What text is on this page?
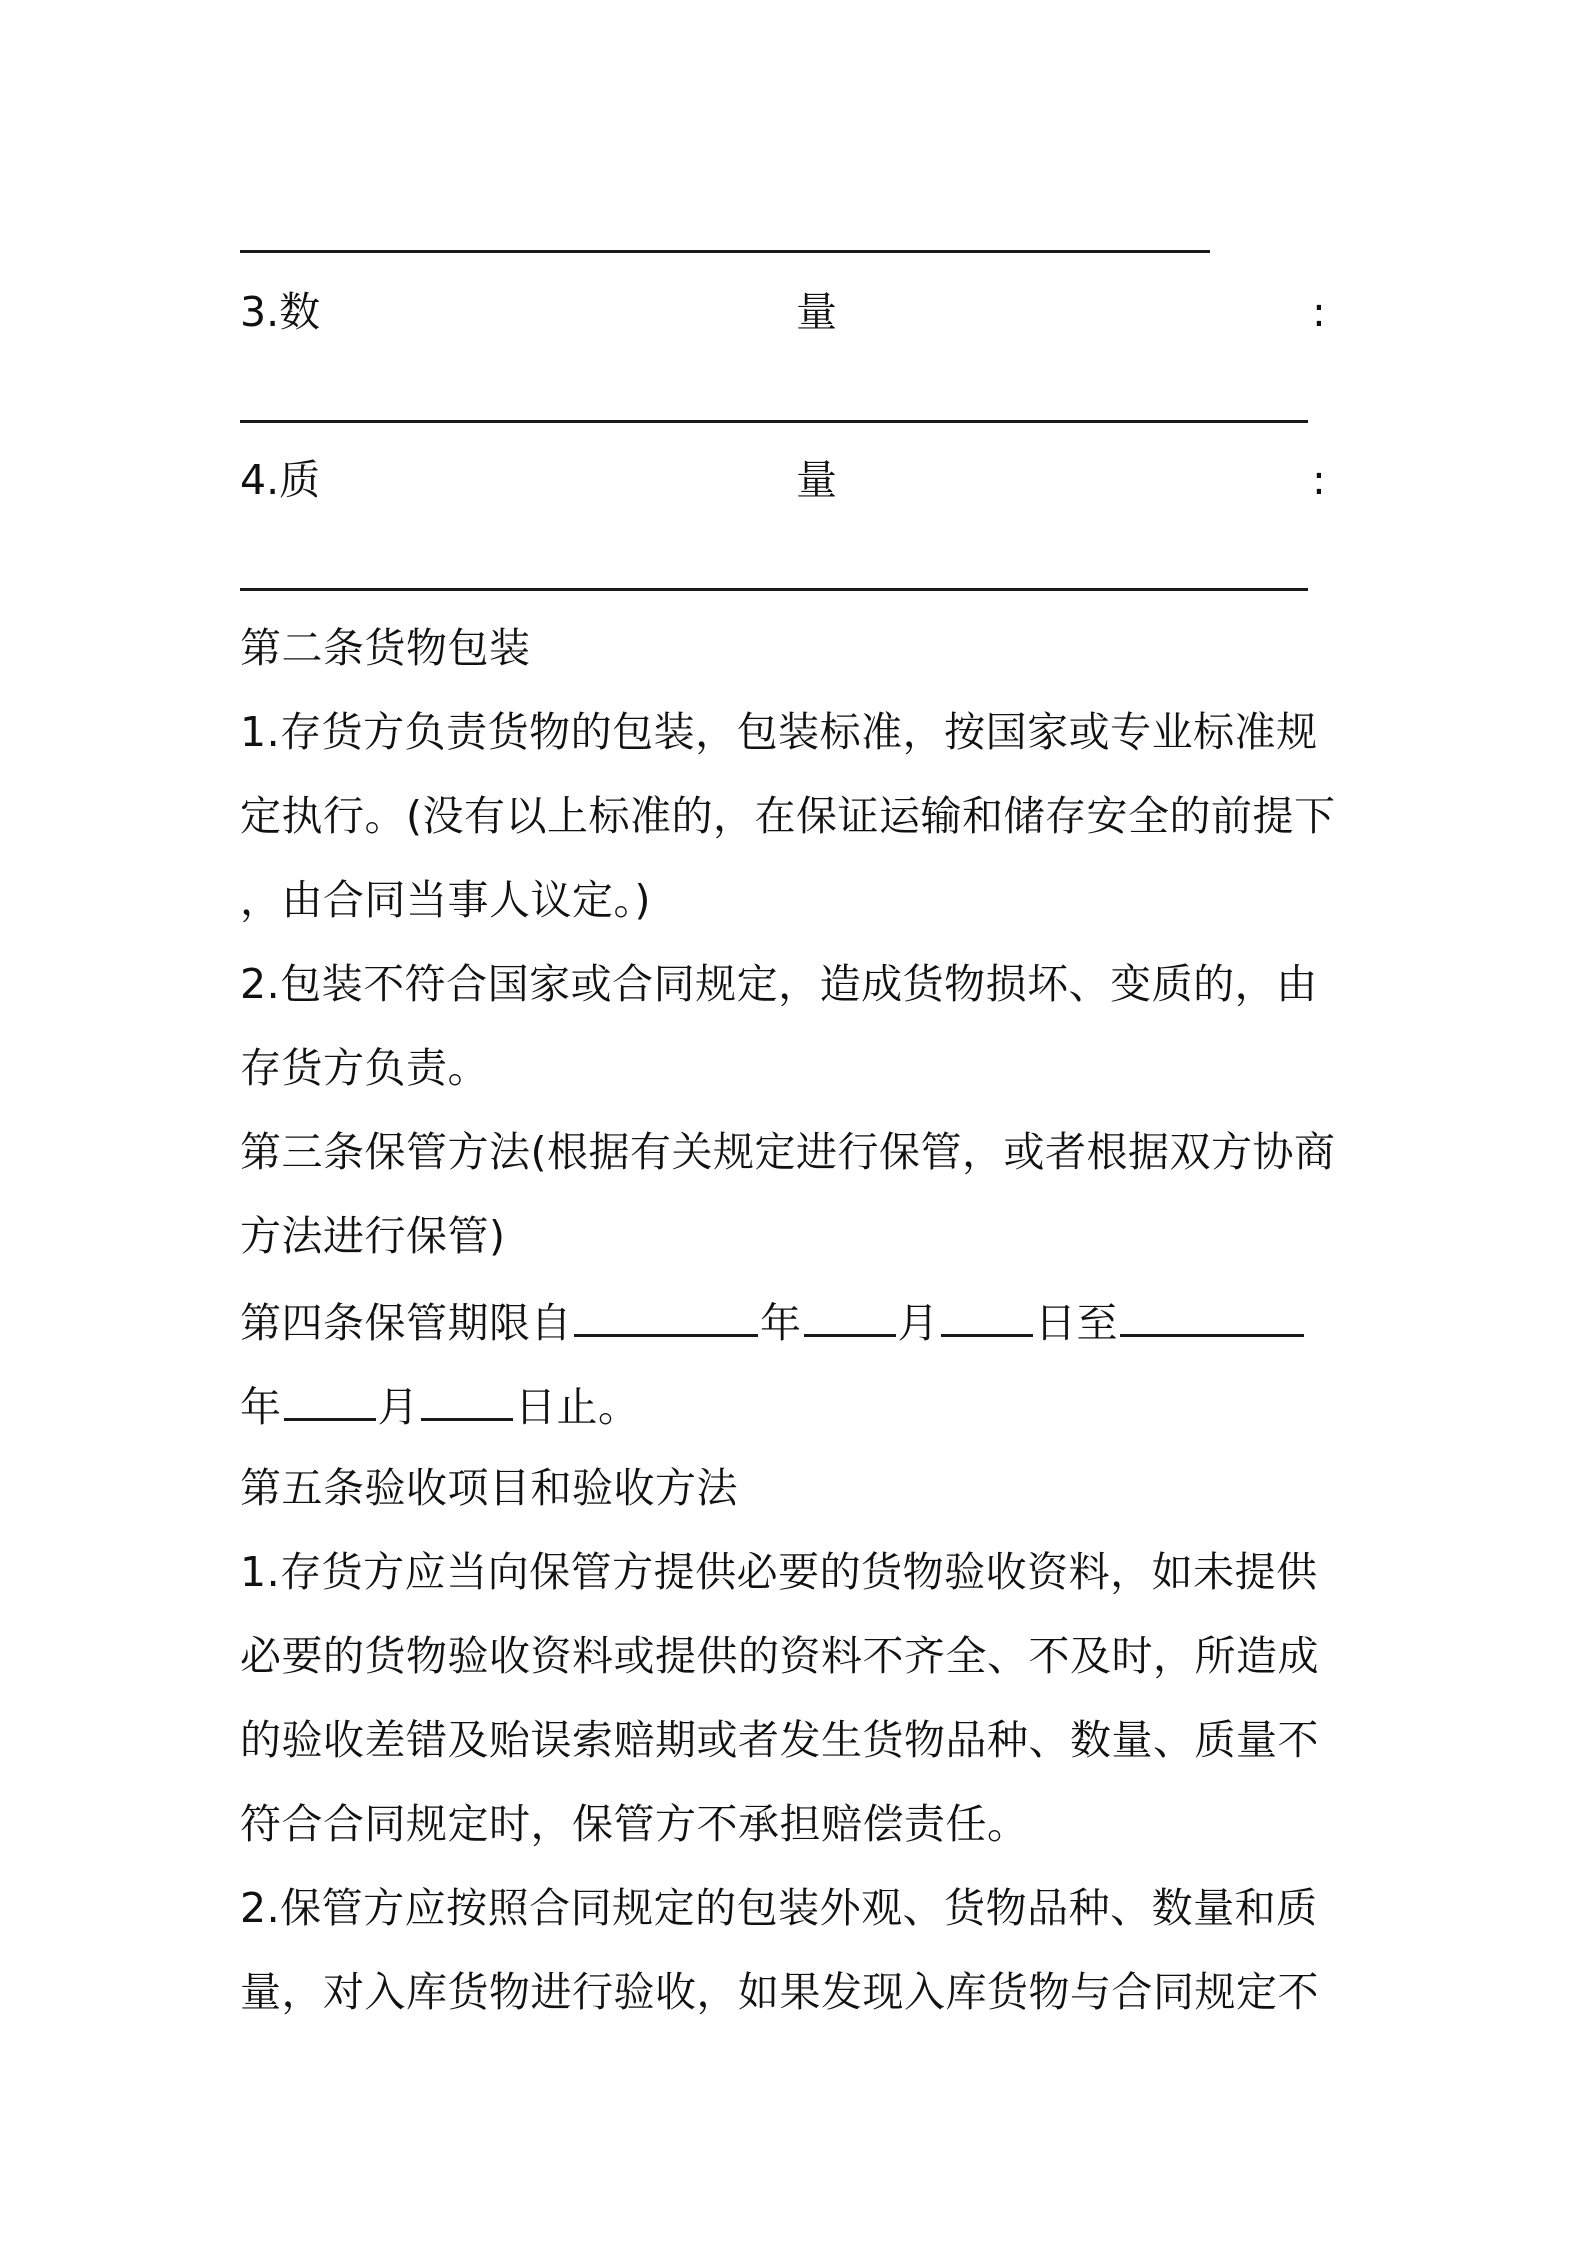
3.数	量	:
4.质	量	:
第二条货物包装
1.存货方负责货物的包装，包装标准，按国家或专业标准规
定执行。(没有以上标准的，在保证运输和储存安全的前提下
，由合同当事人议定。)
2.包装不符合国家或合同规定，造成货物损坏、变质的，由
存货方负责。
第三条保管方法(根据有关规定进行保管，或者根据双方协商
方法进行保管)
第四条保管期限自	年 月 日至
年 月 日止。
第五条验收项目和验收方法
1.存货方应当向保管方提供必要的货物验收资料，如未提供
必要的货物验收资料或提供的资料不齐全、不及时，所造成
的验收差错及贻误索赔期或者发生货物品种、数量、质量不
符合合同规定时，保管方不承担赔偿责任。
2.保管方应按照合同规定的包装外观、货物品种、数量和质
量，对入库货物进行验收，如果发现入库货物与合同规定不
